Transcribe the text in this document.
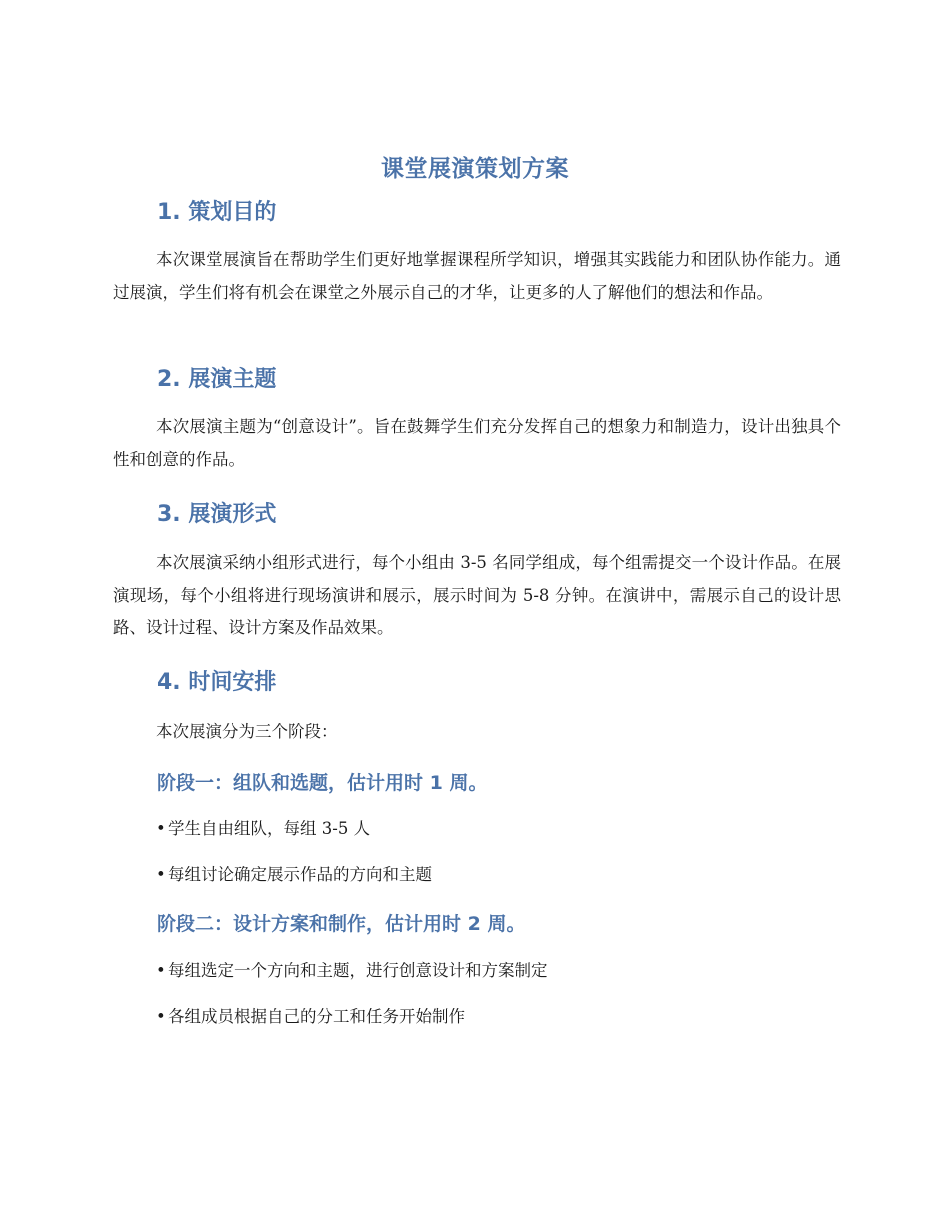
课堂展演策划方案
1. 策划目的
本次课堂展演旨在帮助学生们更好地掌握课程所学知识，增强其实践能力和团队协作能力。通过展演，学生们将有机会在课堂之外展示自己的才华，让更多的人了解他们的想法和作品。
2. 展演主题
本次展演主题为“创意设计”。旨在鼓舞学生们充分发挥自己的想象力和制造力，设计出独具个性和创意的作品。
3. 展演形式
本次展演采纳小组形式进行，每个小组由 3-5 名同学组成，每个组需提交一个设计作品。在展演现场，每个小组将进行现场演讲和展示，展示时间为 5-8 分钟。在演讲中，需展示自己的设计思路、设计过程、设计方案及作品效果。
4. 时间安排
本次展演分为三个阶段：
阶段一：组队和选题，估计用时 1 周。
• 学生自由组队，每组 3-5 人
• 每组讨论确定展示作品的方向和主题
阶段二：设计方案和制作，估计用时 2 周。
• 每组选定一个方向和主题，进行创意设计和方案制定
• 各组成员根据自己的分工和任务开始制作
